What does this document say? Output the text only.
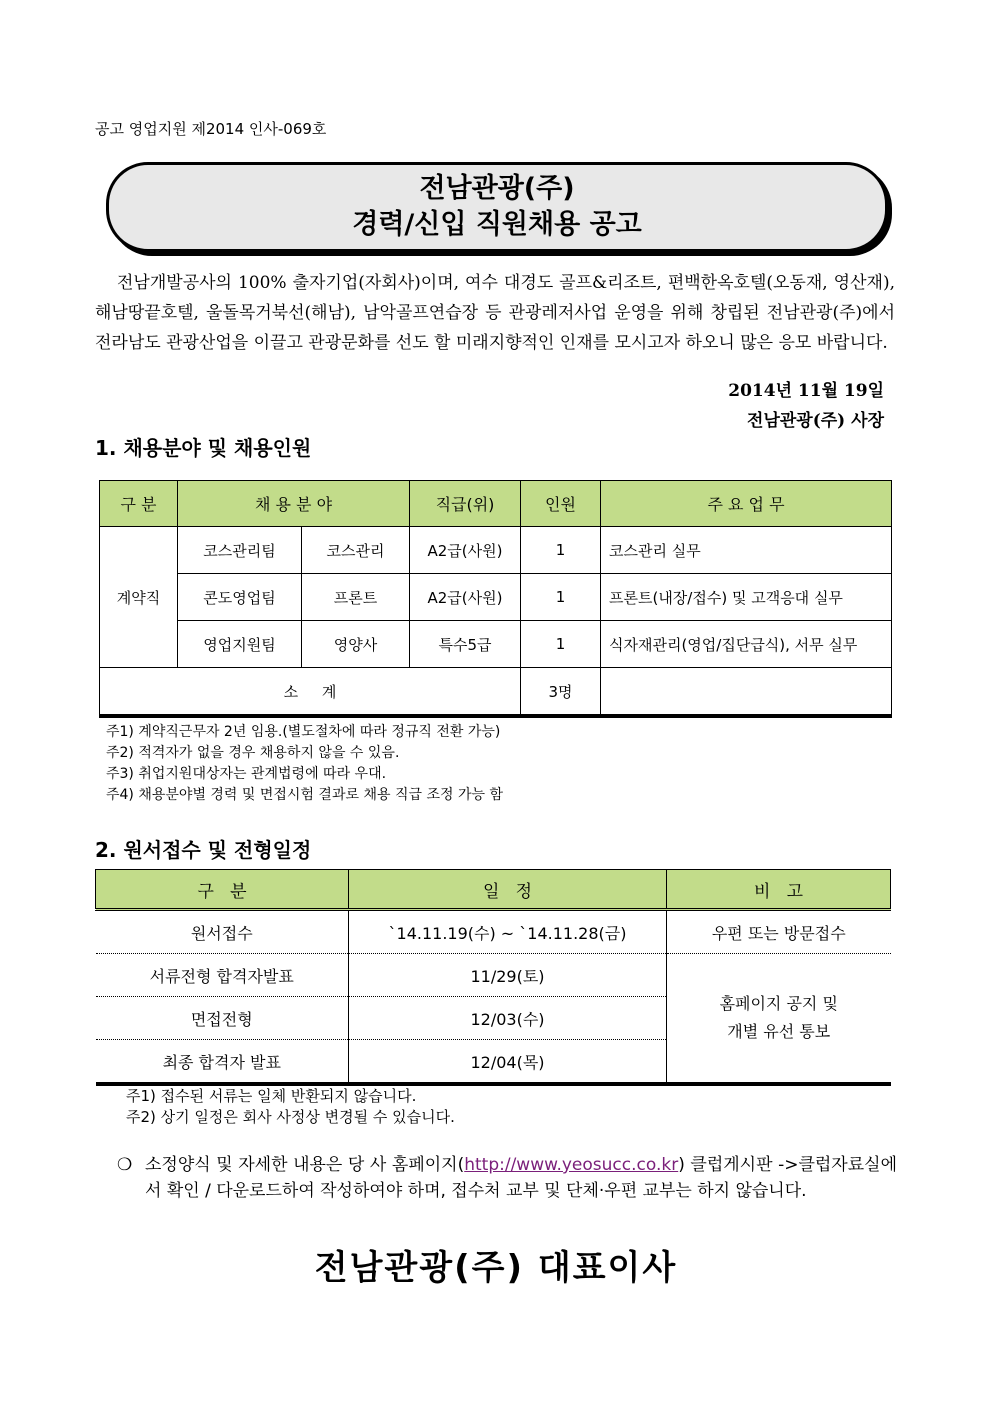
공고 영업지원 제2014 인사-069호
전남관광(주)
경력/신입 직원채용 공고
전남개발공사의 100% 출자기업(자회사)이며, 여수 대경도 골프&리조트, 편백한옥호텔(오동재, 영산재), 해남땅끝호텔, 울돌목거북선(해남), 남악골프연습장 등 관광레저사업 운영을 위해 창립된 전남관광(주)에서 전라남도 관광산업을 이끌고 관광문화를 선도 할 미래지향적인 인재를 모시고자 하오니 많은 응모 바랍니다.
2014년 11월 19일
전남관광(주) 사장
1. 채용분야 및 채용인원
구 분	채 용 분 야		직급(위)	인원	주 요 업 무
계약직	코스관리팀	코스관리	A2급(사원)	1	코스관리 실무
	콘도영업팀	프론트	A2급(사원)	1	프론트(내장/접수) 및 고객응대 실무
	영업지원팀	영양사	특수5급	1	식자재관리(영업/집단급식), 서무 실무
소     계				3명	
주1) 계약직근무자 2년 임용.(별도절차에 따라 정규직 전환 가능)
주2) 적격자가 없을 경우 채용하지 않을 수 있음.
주3) 취업지원대상자는 관계법령에 따라 우대.
주4) 채용분야별 경력 및 면접시험 결과로 채용 직급 조정 가능 함
2. 원서접수 및 전형일정
구   분	일   정	비   고
원서접수	`14.11.19(수) ~ `14.11.28(금)	우편 또는 방문접수
서류전형 합격자발표	11/29(토)	홈페이지 공지 및
개별 유선 통보

면접전형	12/03(수)	
최종 합격자 발표	12/04(목)	
주1) 접수된 서류는 일체 반환되지 않습니다.
주2) 상기 일정은 회사 사정상 변경될 수 있습니다.
❍ 소정양식 및 자세한 내용은 당 사 홈페이지(http://www.yeosucc.co.kr) 클럽게시판 ->클럽자료실에서 확인 / 다운로드하여 작성하여야 하며, 접수처 교부 및 단체·우편 교부는 하지 않습니다.
전남관광(주) 대표이사
